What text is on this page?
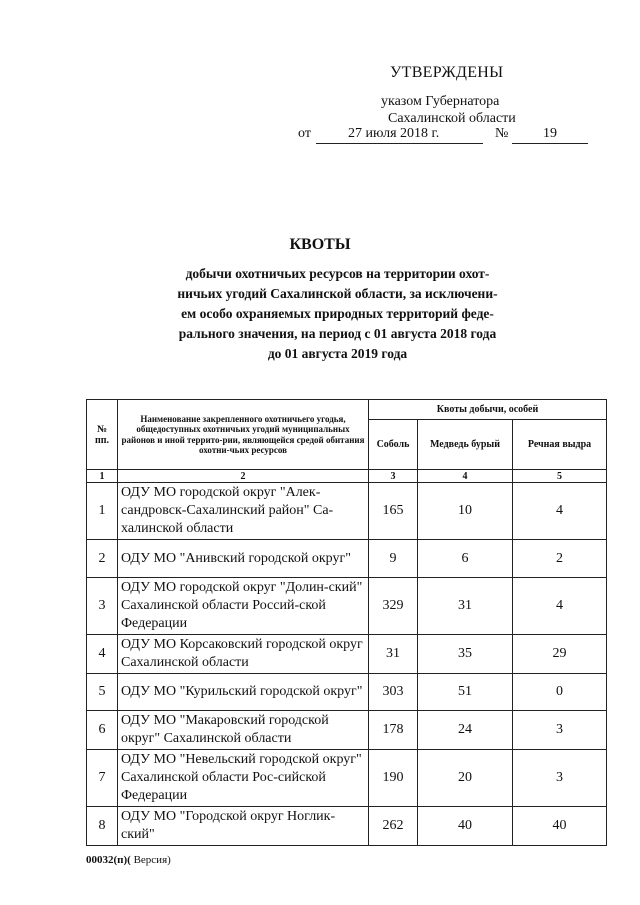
УТВЕРЖДЕНЫ
указом Губернатора
Сахалинской области
от	27 июля 2018 г.	№ 19
КВОТЫ
добычи охотничьих ресурсов на территории охот-
ничьих угодий Сахалинской области, за исключени-
ем особо охраняемых природных территорий феде-
рального значения, на период с 01 августа 2018 года
до 01 августа 2019 года
№ пп.	Наименование закрепленного охотничьего угодья, общедоступных охотничьих угодий муниципальных районов и иной террито-рии, являющейся средой обитания охотни-чьих ресурсов	Квоты добычи, особей		
		Соболь	Медведь бурый	Речная выдра
1	2	3	4	5
1	ОДУ МО городской округ "Алек-сандровск-Сахалинский район" Са-халинской области	165	10	4
2	ОДУ МО "Анивский городской округ"	9	6	2
3	ОДУ МО городской округ "Долин-ский" Сахалинской области Россий-ской Федерации	329	31	4
4	ОДУ МО Корсаковский городской округ Сахалинской области	31	35	29
5	ОДУ МО "Курильский городской округ"	303	51	0
6	ОДУ МО "Макаровский городской округ" Сахалинской области	178	24	3
7	ОДУ МО "Невельский городской округ" Сахалинской области Рос-сийской Федерации	190	20	3
8	ОДУ МО "Городской округ Ноглик-ский"	262	40	40
00032(п)( Версия)
